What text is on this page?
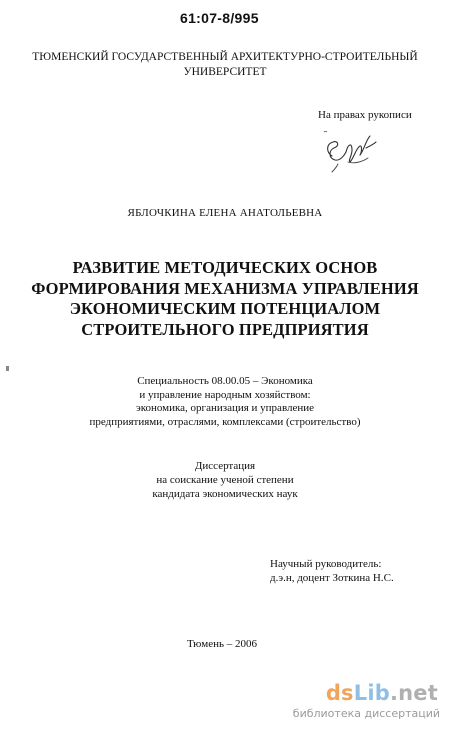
61:07-8/995
ТЮМЕНСКИЙ ГОСУДАРСТВЕННЫЙ АРХИТЕКТУРНО-СТРОИТЕЛЬНЫЙ
УНИВЕРСИТЕТ
На правах рукописи
ЯБЛОЧКИНА ЕЛЕНА АНАТОЛЬЕВНА
РАЗВИТИЕ МЕТОДИЧЕСКИХ ОСНОВ
ФОРМИРОВАНИЯ МЕХАНИЗМА УПРАВЛЕНИЯ
ЭКОНОМИЧЕСКИМ ПОТЕНЦИАЛОМ
СТРОИТЕЛЬНОГО ПРЕДПРИЯТИЯ
Специальность 08.00.05 – Экономика
и управление народным хозяйством:
экономика, организация и управление
предприятиями, отраслями, комплексами (строительство)
Диссертация
на соискание ученой степени
кандидата экономических наук
Научный руководитель:
д.э.н, доцент Зоткина Н.С.
Тюмень – 2006
dsLib.net
библиотека диссертаций
